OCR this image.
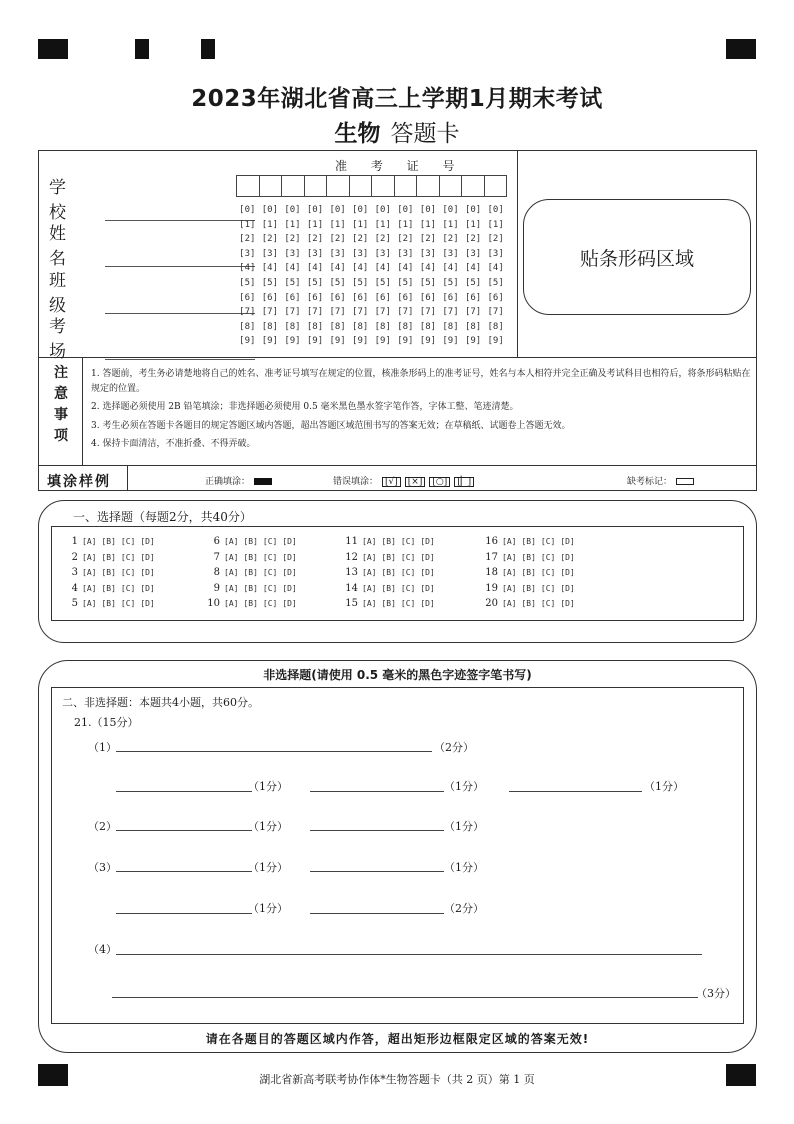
2023年湖北省高三上学期1月期末考试
生物 答题卡
学 校
姓 名
班 级
考 场
准 考 证 号
[0] [0] [0] [0] [0] [0] [0] [0] [0] [0] [0] [0]
[1] [1] [1] [1] [1] [1] [1] [1] [1] [1] [1] [1]
[2] [2] [2] [2] [2] [2] [2] [2] [2] [2] [2] [2]
[3] [3] [3] [3] [3] [3] [3] [3] [3] [3] [3] [3]
[4] [4] [4] [4] [4] [4] [4] [4] [4] [4] [4] [4]
[5] [5] [5] [5] [5] [5] [5] [5] [5] [5] [5] [5]
[6] [6] [6] [6] [6] [6] [6] [6] [6] [6] [6] [6]
[7] [7] [7] [7] [7] [7] [7] [7] [7] [7] [7] [7]
[8] [8] [8] [8] [8] [8] [8] [8] [8] [8] [8] [8]
[9] [9] [9] [9] [9] [9] [9] [9] [9] [9] [9] [9]
贴条形码区域
注
意
事
项

1. 答题前，考生务必请楚地将自己的姓名、准考证号填写在规定的位置，核准条形码上的准考证号，姓名与本人相符并完全正确及考试科目也相符后，将条形码粘贴在规定的位置。

2. 选择题必须使用 2B 铅笔填涂；非选择题必须使用 0.5 毫米黑色墨水签字笔作答，字体工整、笔迹清楚。

3. 考生必须在答题卡各题目的规定答题区域内答题，超出答题区域范围书写的答案无效；在草稿纸、试题卷上答题无效。

4. 保持卡面清洁，不准折叠、不得弄破。

填涂样例	正确填涂：	错误填涂： [√] [×] [○] [▏]	缺考标记：
一、选择题（每题2分，共40分）
1 [A] [B] [C] [D]
2 [A] [B] [C] [D]
3 [A] [B] [C] [D]
4 [A] [B] [C] [D]
5 [A] [B] [C] [D]
6 [A] [B] [C] [D]
7 [A] [B] [C] [D]
8 [A] [B] [C] [D]
9 [A] [B] [C] [D]
10 [A] [B] [C] [D]
11 [A] [B] [C] [D]
12 [A] [B] [C] [D]
13 [A] [B] [C] [D]
14 [A] [B] [C] [D]
15 [A] [B] [C] [D]
16 [A] [B] [C] [D]
17 [A] [B] [C] [D]
18 [A] [B] [C] [D]
19 [A] [B] [C] [D]
20 [A] [B] [C] [D]
非选择题(请使用 0.5 毫米的黑色字迹签字笔书写)
二、非选择题：本题共4小题，共60分。
21.（15分）
（1）	（2分）
（1分）	（1分）	（1分）
（2）	（1分）	（1分）
（3）	（1分）	（1分）
（1分）	（2分）
（4）
（3分）
请在各题目的答题区域内作答，超出矩形边框限定区域的答案无效!
湖北省新高考联考协作体*生物答题卡（共 2 页）第 1 页
